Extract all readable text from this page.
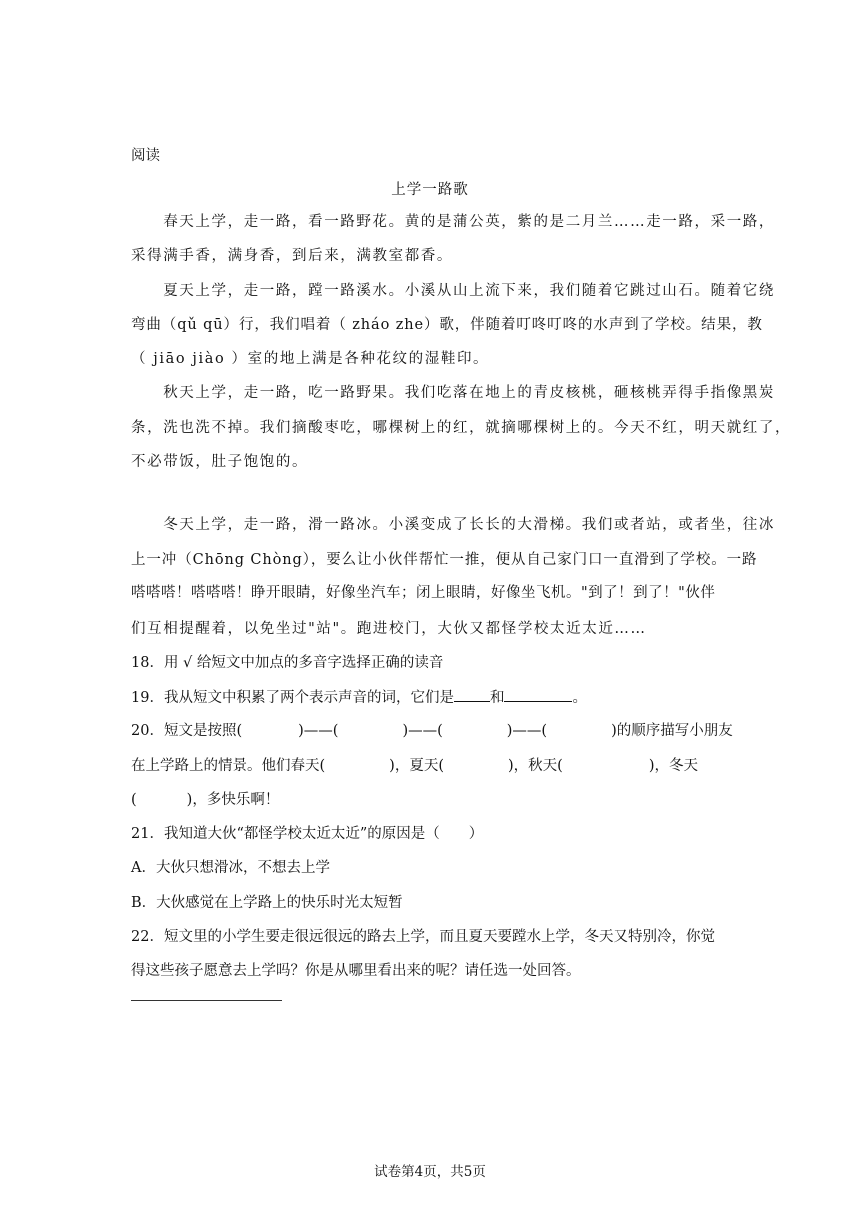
阅读
上学一路歌
　　春天上学，走一路，看一路野花。黄的是蒲公英，紫的是二月兰……走一路，采一路，
采得满手香，满身香，到后来，满教室都香。
　　夏天上学，走一路，蹚一路溪水。小溪从山上流下来，我们随着它跳过山石。随着它绕
弯曲（qǔ qū）行，我们唱着（ zháo zhe）歌，伴随着叮咚叮咚的水声到了学校。结果，教
（ jiāo jiào ）室的地上满是各种花纹的湿鞋印。
　　秋天上学，走一路，吃一路野果。我们吃落在地上的青皮核桃，砸核桃弄得手指像黑炭
条，洗也洗不掉。我们摘酸枣吃，哪棵树上的红，就摘哪棵树上的。今天不红，明天就红了，
不必带饭，肚子饱饱的。
　　冬天上学，走一路，滑一路冰。小溪变成了长长的大滑梯。我们或者站，或者坐，往冰
上一冲（Chōng Chòng），要么让小伙伴帮忙一推，便从自己家门口一直滑到了学校。一路
嗒嗒嗒！嗒嗒嗒！睁开眼睛，好像坐汽车；闭上眼睛，好像坐飞机。"到了！到了！"伙伴
们互相提醒着，以免坐过"站"。跑进校门，大伙又都怪学校太近太近……
18．用 √ 给短文中加点的多音字选择正确的读音
19．我从短文中积累了两个表示声音的词，它们是 和	。
20．短文是按照(	)——(	)——(	)——(	)的顺序描写小朋友
在上学路上的情景。他们春天(	)，夏天(	)，秋天(	)，冬天
(	)，多快乐啊！
21．我知道大伙“都怪学校太近太近”的原因是（　　）
A．大伙只想滑冰，不想去上学
B．大伙感觉在上学路上的快乐时光太短暂
22．短文里的小学生要走很远很远的路去上学，而且夏天要蹚水上学，冬天又特别冷，你觉
得这些孩子愿意去上学吗？你是从哪里看出来的呢？请任选一处回答。
试卷第4页，共5页
